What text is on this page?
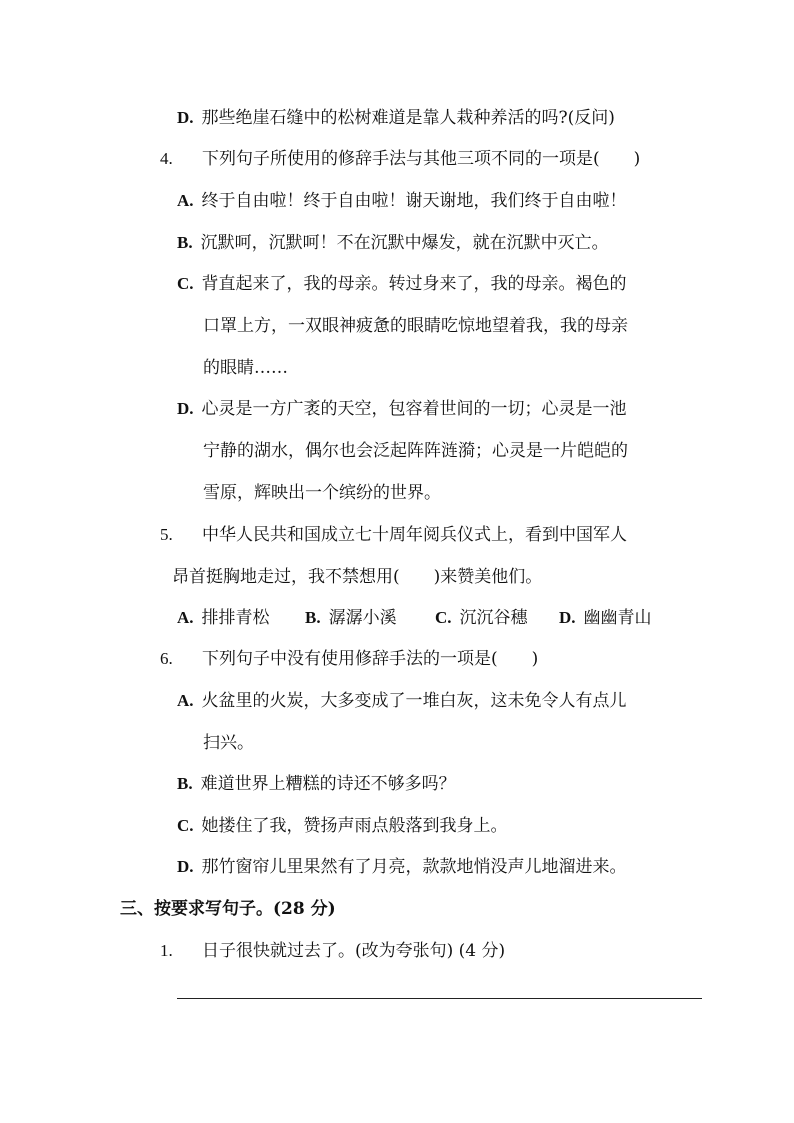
D. 那些绝崖石缝中的松树难道是靠人栽种养活的吗?(反问)
4. 下列句子所使用的修辞手法与其他三项不同的一项是(　　)
A. 终于自由啦！终于自由啦！谢天谢地，我们终于自由啦！
B. 沉默呵，沉默呵！不在沉默中爆发，就在沉默中灭亡。
C. 背直起来了，我的母亲。转过身来了，我的母亲。褐色的
口罩上方，一双眼神疲惫的眼睛吃惊地望着我，我的母亲
的眼睛……
D. 心灵是一方广袤的天空，包容着世间的一切；心灵是一池
宁静的湖水，偶尔也会泛起阵阵涟漪；心灵是一片皑皑的
雪原，辉映出一个缤纷的世界。
5. 中华人民共和国成立七十周年阅兵仪式上，看到中国军人
昂首挺胸地走过，我不禁想用(　　)来赞美他们。
A. 排排青松 B. 潺潺小溪 C. 沉沉谷穗 D. 幽幽青山
6. 下列句子中没有使用修辞手法的一项是(　　)
A. 火盆里的火炭，大多变成了一堆白灰，这未免令人有点儿
扫兴。
B. 难道世界上糟糕的诗还不够多吗？
C. 她搂住了我，赞扬声雨点般落到我身上。
D. 那竹窗帘儿里果然有了月亮，款款地悄没声儿地溜进来。
三、按要求写句子。(28 分)
1. 日子很快就过去了。(改为夸张句) (4 分)
